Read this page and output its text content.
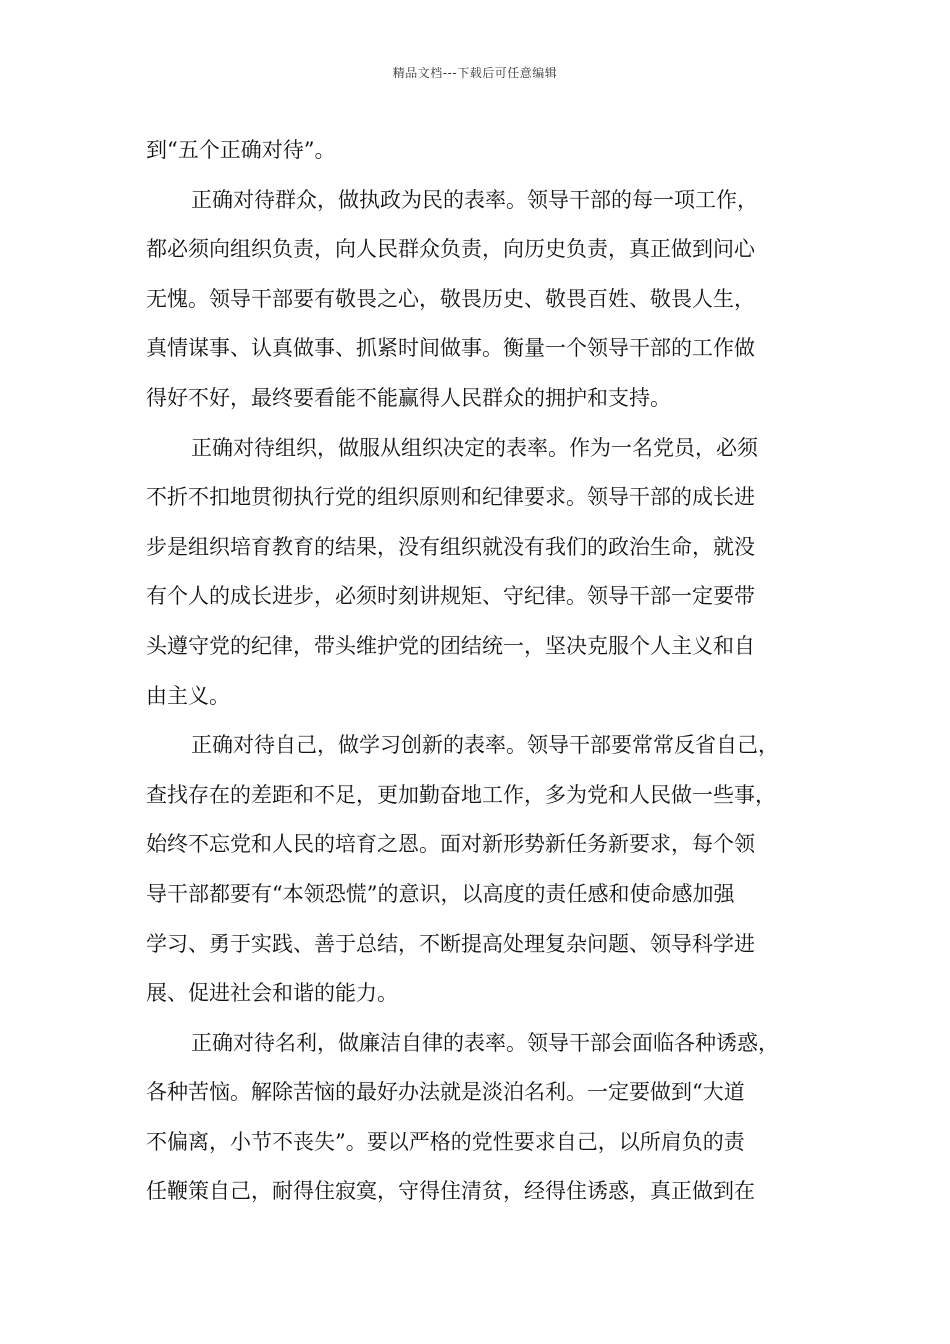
精品文档---下载后可任意编辑
到“五个正确对待”。
正确对待群众，做执政为民的表率。领导干部的每一项工作，
都必须向组织负责，向人民群众负责，向历史负责，真正做到问心
无愧。领导干部要有敬畏之心，敬畏历史、敬畏百姓、敬畏人生，
真情谋事、认真做事、抓紧时间做事。衡量一个领导干部的工作做
得好不好，最终要看能不能赢得人民群众的拥护和支持。
正确对待组织，做服从组织决定的表率。作为一名党员，必须
不折不扣地贯彻执行党的组织原则和纪律要求。领导干部的成长进
步是组织培育教育的结果，没有组织就没有我们的政治生命，就没
有个人的成长进步，必须时刻讲规矩、守纪律。领导干部一定要带
头遵守党的纪律，带头维护党的团结统一，坚决克服个人主义和自
由主义。
正确对待自己，做学习创新的表率。领导干部要常常反省自己，
查找存在的差距和不足，更加勤奋地工作，多为党和人民做一些事，
始终不忘党和人民的培育之恩。面对新形势新任务新要求，每个领
导干部都要有“本领恐慌”的意识，以高度的责任感和使命感加强
学习、勇于实践、善于总结，不断提高处理复杂问题、领导科学进
展、促进社会和谐的能力。
正确对待名利，做廉洁自律的表率。领导干部会面临各种诱惑，
各种苦恼。解除苦恼的最好办法就是淡泊名利。一定要做到“大道
不偏离，小节不丧失”。要以严格的党性要求自己，以所肩负的责
任鞭策自己，耐得住寂寞，守得住清贫，经得住诱惑，真正做到在
